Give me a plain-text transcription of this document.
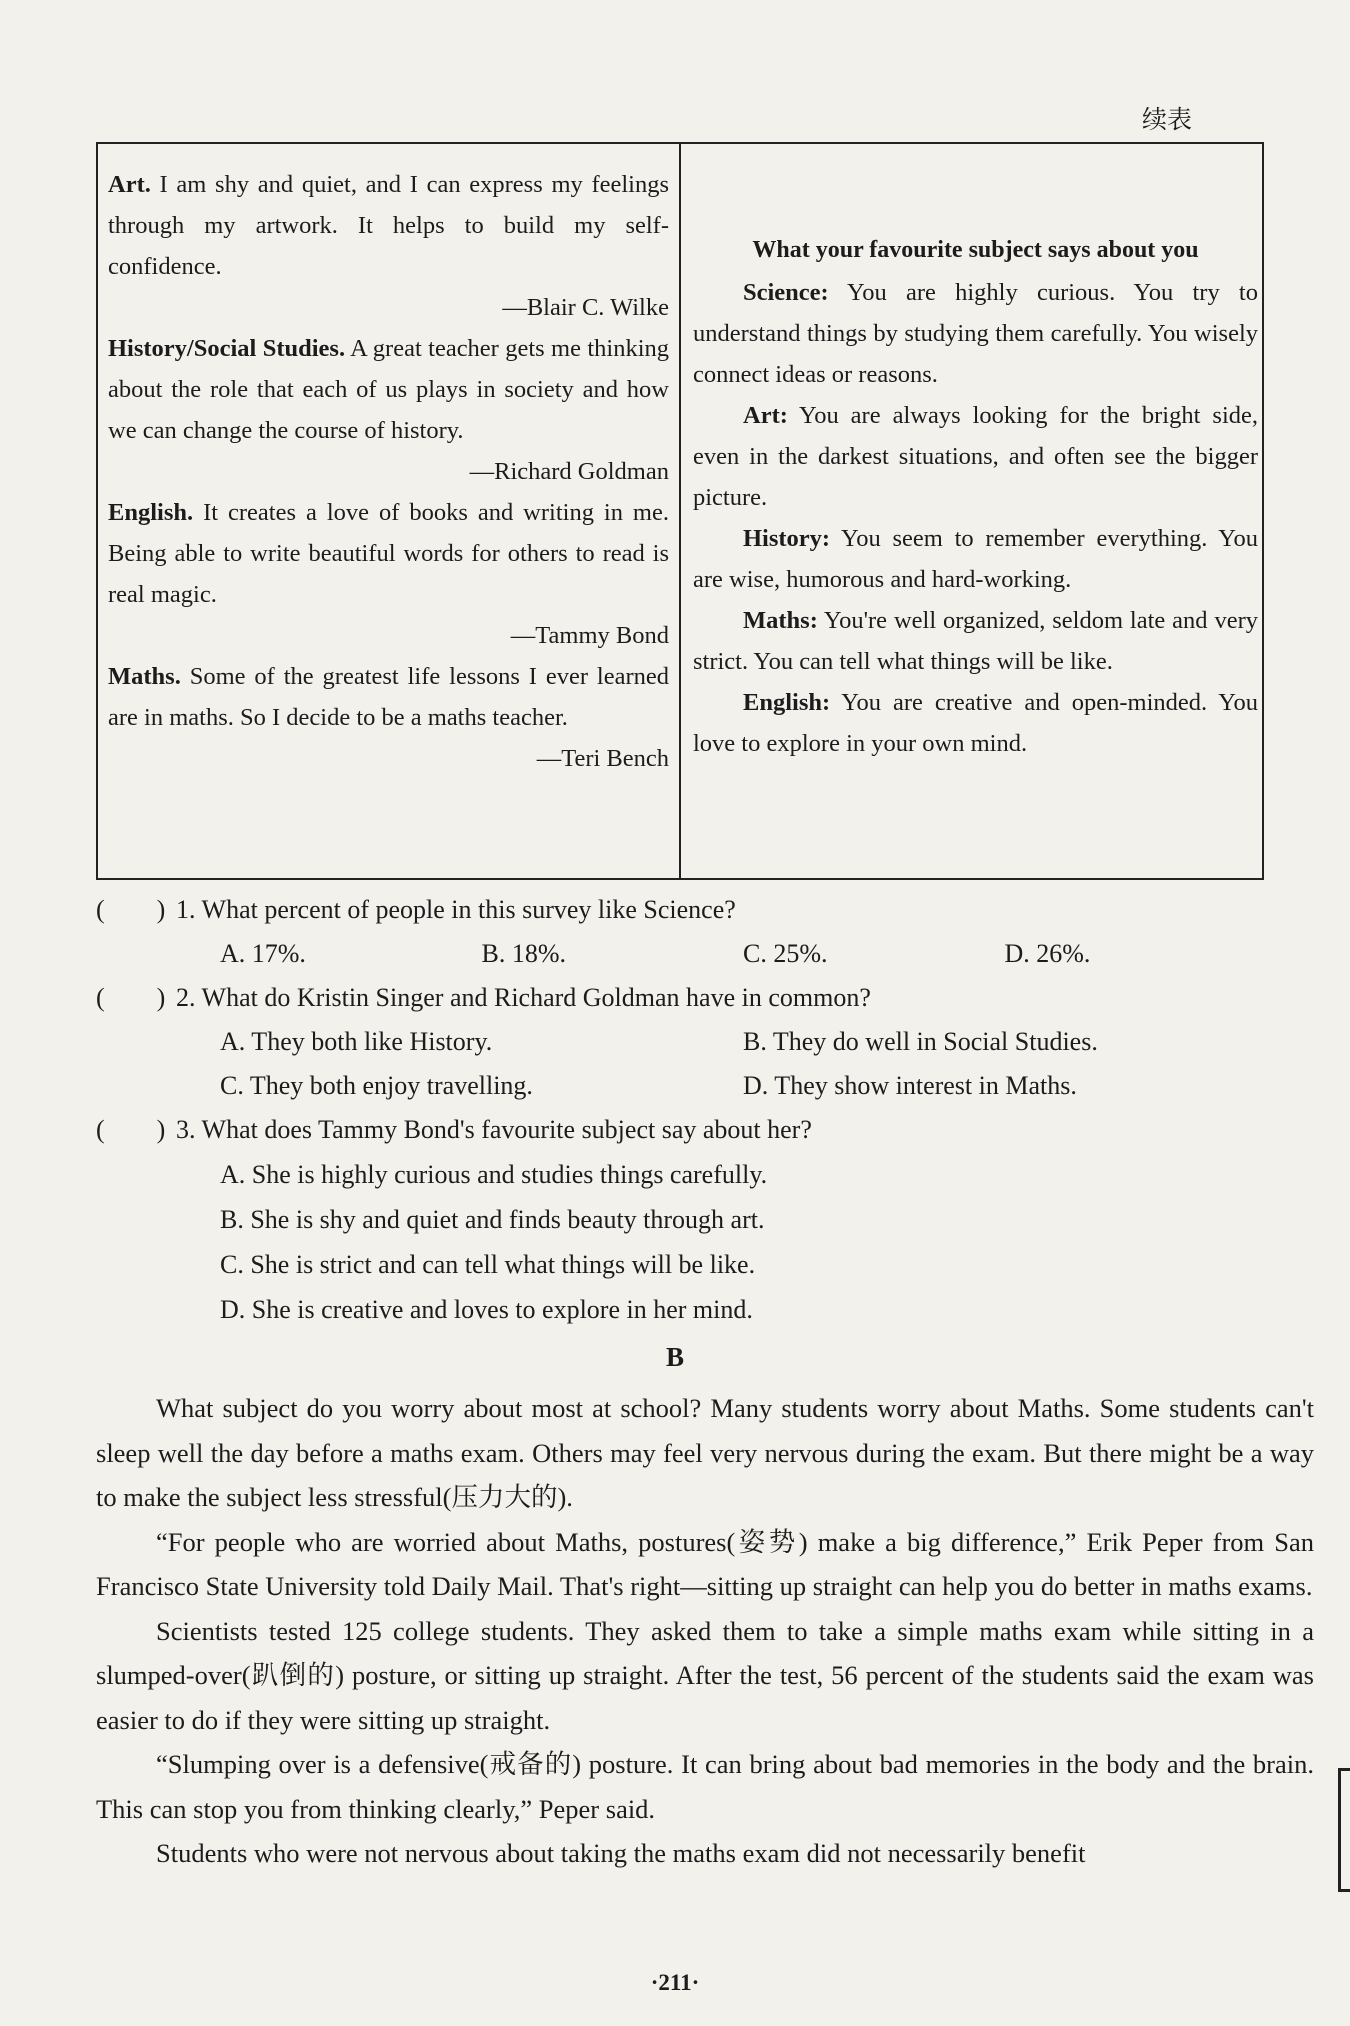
续表

Art. I am shy and quiet, and I can express my feelings through my artwork. It helps to build my self-confidence.

—Blair C. Wilke

History/Social Studies. A great teacher gets me thinking about the role that each of us plays in society and how we can change the course of history.

—Richard Goldman

English. It creates a love of books and writing in me. Being able to write beautiful words for others to read is real magic.

—Tammy Bond

Maths. Some of the greatest life lessons I ever learned are in maths. So I decide to be a maths teacher.

—Teri Bench

What your favourite subject says about you

Science: You are highly curious. You try to understand things by studying them carefully. You wisely connect ideas or reasons.

Art: You are always looking for the bright side, even in the darkest situations, and often see the bigger picture.

History: You seem to remember everything. You are wise, humorous and hard-working.

Maths: You're well organized, seldom late and very strict. You can tell what things will be like.

English: You are creative and open-minded. You love to explore in your own mind.

(　　) 1. What percent of people in this survey like Science?
A. 17%.	B. 18%.	C. 25%.	D. 26%.
(　　) 2. What do Kristin Singer and Richard Goldman have in common?
A. They both like History.	B. They do well in Social Studies.
C. They both enjoy travelling.	D. They show interest in Maths.
(　　) 3. What does Tammy Bond's favourite subject say about her?
A. She is highly curious and studies things carefully.
B. She is shy and quiet and finds beauty through art.
C. She is strict and can tell what things will be like.
D. She is creative and loves to explore in her mind.
B

What subject do you worry about most at school? Many students worry about Maths. Some students can't sleep well the day before a maths exam. Others may feel very nervous during the exam. But there might be a way to make the subject less stressful(压力大的).

“For people who are worried about Maths, postures(姿势) make a big difference,” Erik Peper from San Francisco State University told Daily Mail. That's right—sitting up straight can help you do better in maths exams.

Scientists tested 125 college students. They asked them to take a simple maths exam while sitting in a slumped-over(趴倒的) posture, or sitting up straight. After the test, 56 percent of the students said the exam was easier to do if they were sitting up straight.

“Slumping over is a defensive(戒备的) posture. It can bring about bad memories in the body and the brain. This can stop you from thinking clearly,” Peper said.

Students who were not nervous about taking the maths exam did not necessarily benefit

·211·
